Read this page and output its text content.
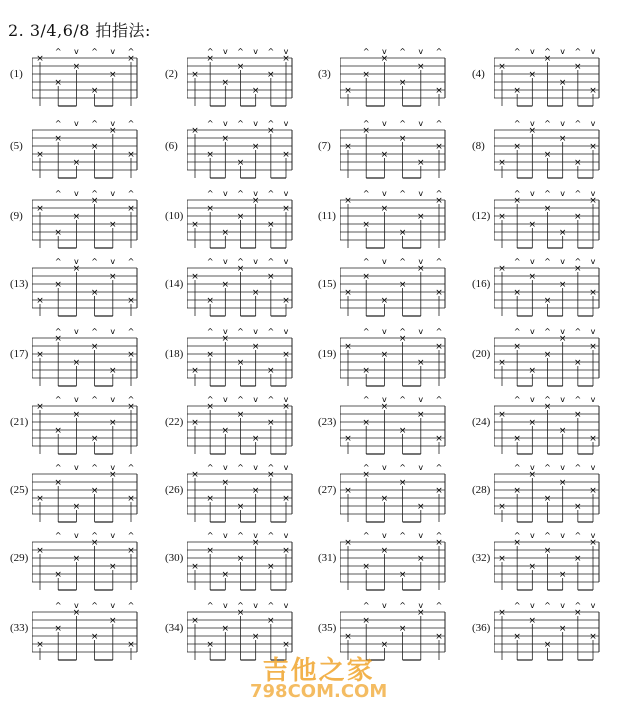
2. 3/4,6/8 拍指法:
(1)
×
×
^
×
v
×
^
×
v
×
^
(2) ×
×
^
×
v
×
^
×
v
×
^
×
v
(3)
×
×
^
×
v
×
^
×
v
×
^
(4)
×
×
^
×
v
×
^
×
v
×
^
×
v
(5)
×
×
^
×
v
×
^
×
v
×
^
(6)
×
×
^
×
v
×
^
×
v
×
^
×
v
(7) ×
×
^
×
v
×
^
×
v
×
^
(8)
×
×
^
×
v
×
^
×
v
×
^
×
v
(9)
×
×
^
×
v
×
^
×
v
×
^
(10)
×
×
^
×
v
×
^
×
v
×
^
×
v
(11)
×
×
^
×
v
×
^
×
v
×
^
(12) ×
×
^
×
v
×
^
×
v
×
^
×
v
(13)
×
×
^
×
v
×
^
×
v
×
^
(14)
×
×
^
×
v
×
^
×
v
×
^
×
v
(15)
×
×
^
×
v
×
^
×
v
×
^
(16)
×
×
^
×
v
×
^
×
v
×
^
×
v
(17) ×
×
^
×
v
×
^
×
v
×
^
(18)
×
×
^
×
v
×
^
×
v
×
^
×
v
(19)
×
×
^
×
v
×
^
×
v
×
^
(20)
×
×
^
×
v
×
^
×
v
×
^
×
v
(21)
×
×
^
×
v
×
^
×
v
×
^
(22) ×
×
^
×
v
×
^
×
v
×
^
×
v
(23)
×
×
^
×
v
×
^
×
v
×
^
(24)
×
×
^
×
v
×
^
×
v
×
^
×
v
(25)
×
×
^
×
v
×
^
×
v
×
^
(26)
×
×
^
×
v
×
^
×
v
×
^
×
v
(27) ×
×
^
×
v
×
^
×
v
×
^
(28)
×
×
^
×
v
×
^
×
v
×
^
×
v
(29)
×
×
^
×
v
×
^
×
v
×
^
(30)
×
×
^
×
v
×
^
×
v
×
^
×
v
(31)
×
×
^
×
v
×
^
×
v
×
^
(32) ×
×
^
×
v
×
^
×
v
×
^
×
v
(33)
×
×
^
×
v
×
^
×
v
×
^
(34)
×
×
^
×
v
×
^
×
v
×
^
×
v
(35)
×
×
^
×
v
×
^
×
v
×
^
(36)
×
×
^
×
v
×
^
×
v
×
^
×
v
吉他之家
798COM.COM
